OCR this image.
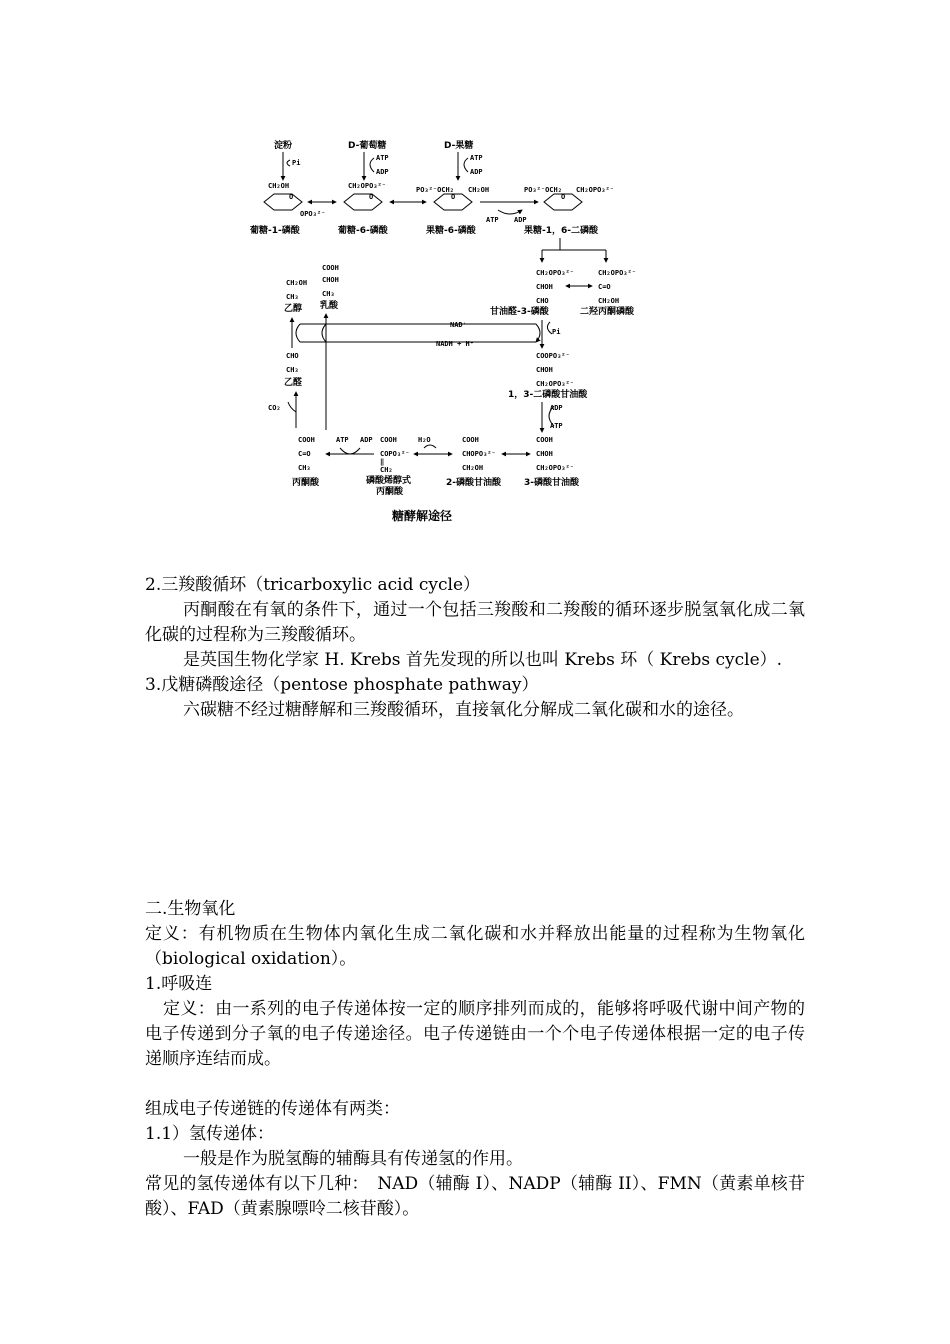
淀粉	D-葡萄糖	D-果糖
Pi
ATP
ADP
ATP
ADP
CH₂OH
O
OPO₃²⁻
葡糖-1-磷酸
CH₂OPO₃²⁻
O
葡糖-6-磷酸
PO₃²⁻OCH₂ CH₂OH
O
果糖-6-磷酸
ATP ADP
PO₃²⁻OCH₂ CH₂OPO₃²⁻
O
果糖-1，6-二磷酸
CH₂OPO₃²⁻
CHOH
CHO
甘油醛-3-磷酸
CH₂OPO₃²⁻
C=O
CH₂OH
二羟丙酮磷酸
Pi
COOPO₃²⁻
CHOH
CH₂OPO₃²⁻
1，3-二磷酸甘油酸
ADP
ATP
COOH
CHOH
CH₂OPO₃²⁻
3-磷酸甘油酸
COOH
CHOPO₃²⁻
CH₂OH
2-磷酸甘油酸
H₂O
COOH
COPO₃²⁻
‖
CH₂
磷酸烯醇式
丙酮酸
ATP ADP
COOH
C=O
CH₃
丙酮酸
COOH
CHOH
CH₃
乳酸
CH₂OH
CH₃
乙醇
CHO
CH₃
乙醛
CO₂
NAD⁺
NADH + H⁺
糖酵解途径

2.三羧酸循环（tricarboxylic acid cycle）

丙酮酸在有氧的条件下，通过一个包括三羧酸和二羧酸的循环逐步脱氢氧化成二氧化碳的过程称为三羧酸循环。

是英国生物化学家 H. Krebs 首先发现的所以也叫 Krebs 环（ Krebs cycle）.

3.戊糖磷酸途径（pentose phosphate pathway）

六碳糖不经过糖酵解和三羧酸循环，直接氧化分解成二氧化碳和水的途径。

二.生物氧化

定义：有机物质在生物体内氧化生成二氧化碳和水并释放出能量的过程称为生物氧化（biological oxidation）。

1.呼吸连

定义：由一系列的电子传递体按一定的顺序排列而成的，能够将呼吸代谢中间产物的电子传递到分子氧的电子传递途径。电子传递链由一个个电子传递体根据一定的电子传递顺序连结而成。

组成电子传递链的传递体有两类：

1.1）氢传递体：

一般是作为脱氢酶的辅酶具有传递氢的作用。

常见的氢传递体有以下几种：　NAD（辅酶 I）、NADP（辅酶 II）、FMN（黄素单核苷酸）、FAD（黄素腺嘌呤二核苷酸）。
